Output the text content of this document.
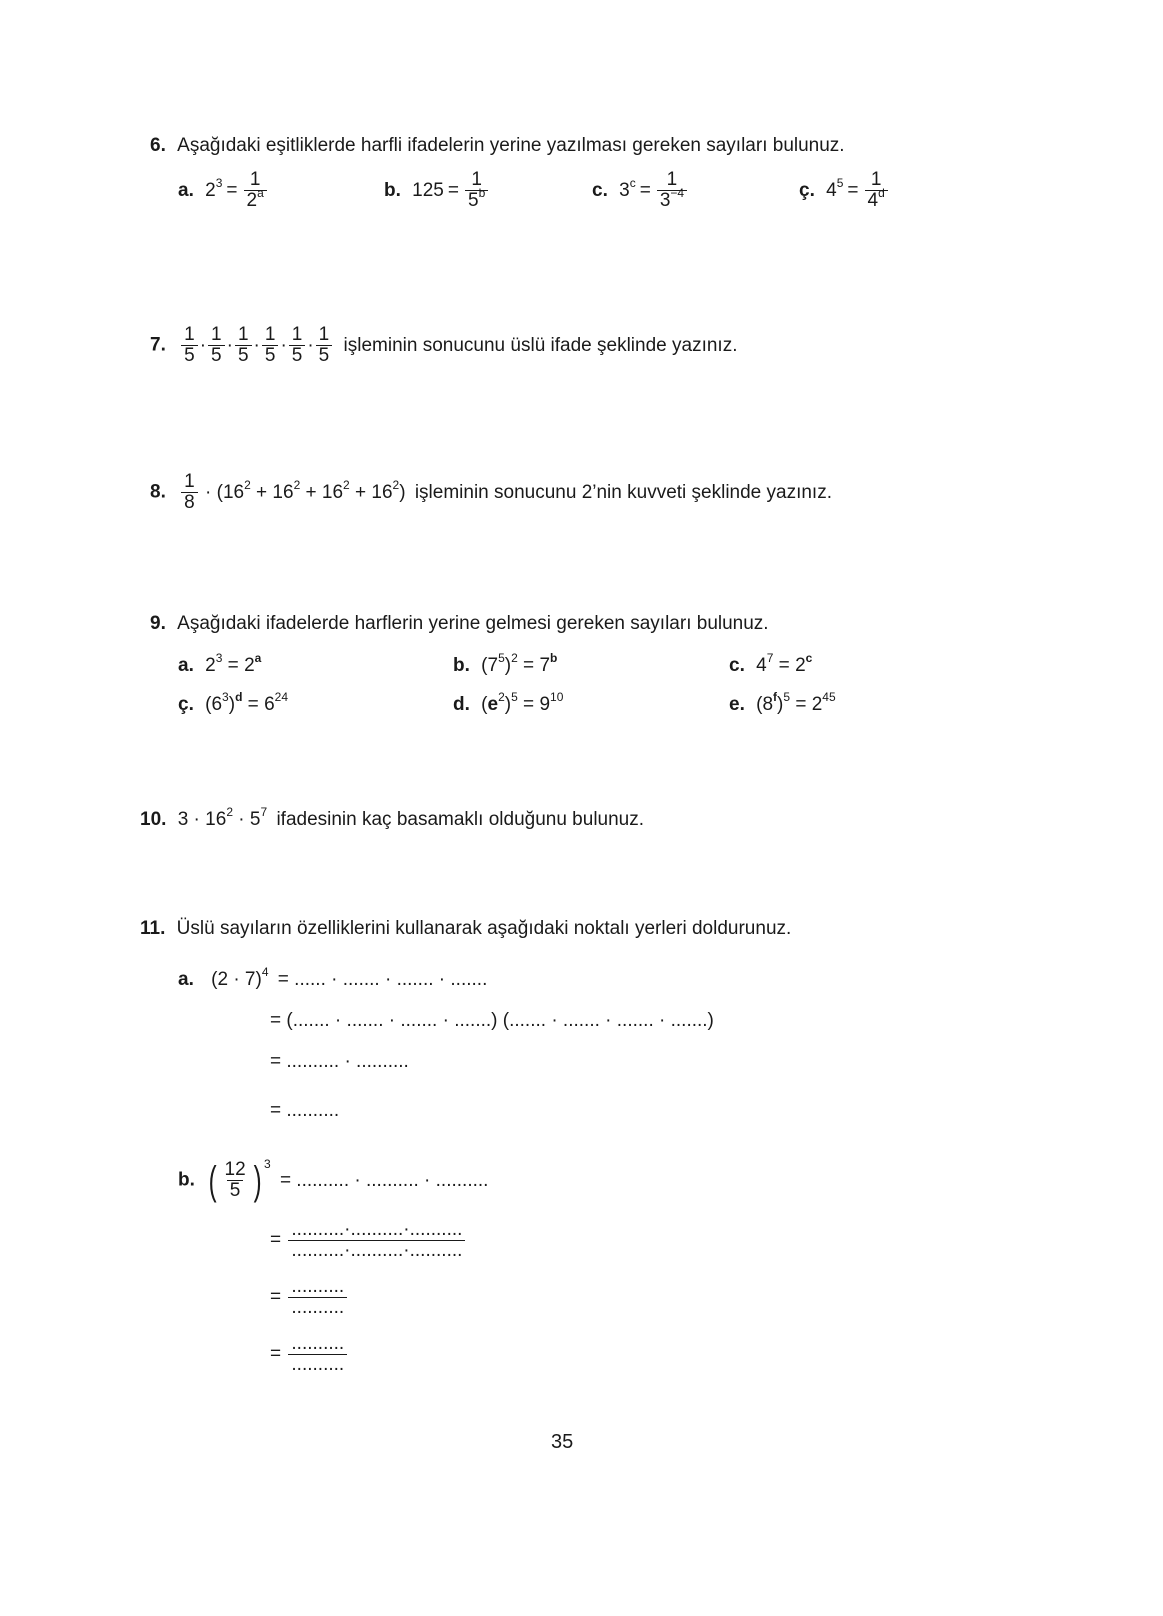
6. Aşağıdaki eşitliklerde harfli ifadelerin yerine yazılması gereken sayıları bulunuz.
a. $2^3 = \frac{1}{2^a}$	b. $125 = \frac{1}{5^b}$	c. $3^c = \frac{1}{3^{-4}}$	ç. $4^5 = \frac{1}{4^d}$
7. $\frac{1}{5} \cdot \frac{1}{5} \cdot \frac{1}{5} \cdot \frac{1}{5} \cdot \frac{1}{5} \cdot \frac{1}{5}$ işleminin sonucunu üslü ifade şeklinde yazınız.
8. $\frac{1}{8} \cdot (16^2 + 16^2 + 16^2 + 16^2)$ işleminin sonucunu 2’nin kuvveti şeklinde yazınız.
9. Aşağıdaki ifadelerde harflerin yerine gelmesi gereken sayıları bulunuz.
a. $2^3 = 2^a$	b. $(7^5)^2 = 7^b$	c. $4^7 = 2^c$
ç. $(6^3)^d = 6^{24}$	d. $(e^2)^5 = 9^{10}$	e. $(8^f)^5 = 2^{45}$
10. $3 \cdot 16^2 \cdot 5^7$ ifadesinin kaç basamaklı olduğunu bulunuz.
11. Üslü sayıların özelliklerini kullanarak aşağıdaki noktalı yerleri doldurunuz.
a. $(2 \cdot 7)^4$ = ...... · ....... · ....... · .......
= (....... · ....... · ....... · .......) (....... · ....... · ....... · .......)
= .......... · ..........
= ..........
b. ( $\frac{12}{5}$ ) $^3$ = .......... · .......... · ..........
= $\frac{..........\cdot..........\cdot..........}{..........\cdot..........\cdot..........}$
= $\frac{..........}{..........}$
= $\frac{..........}{..........}$
35
